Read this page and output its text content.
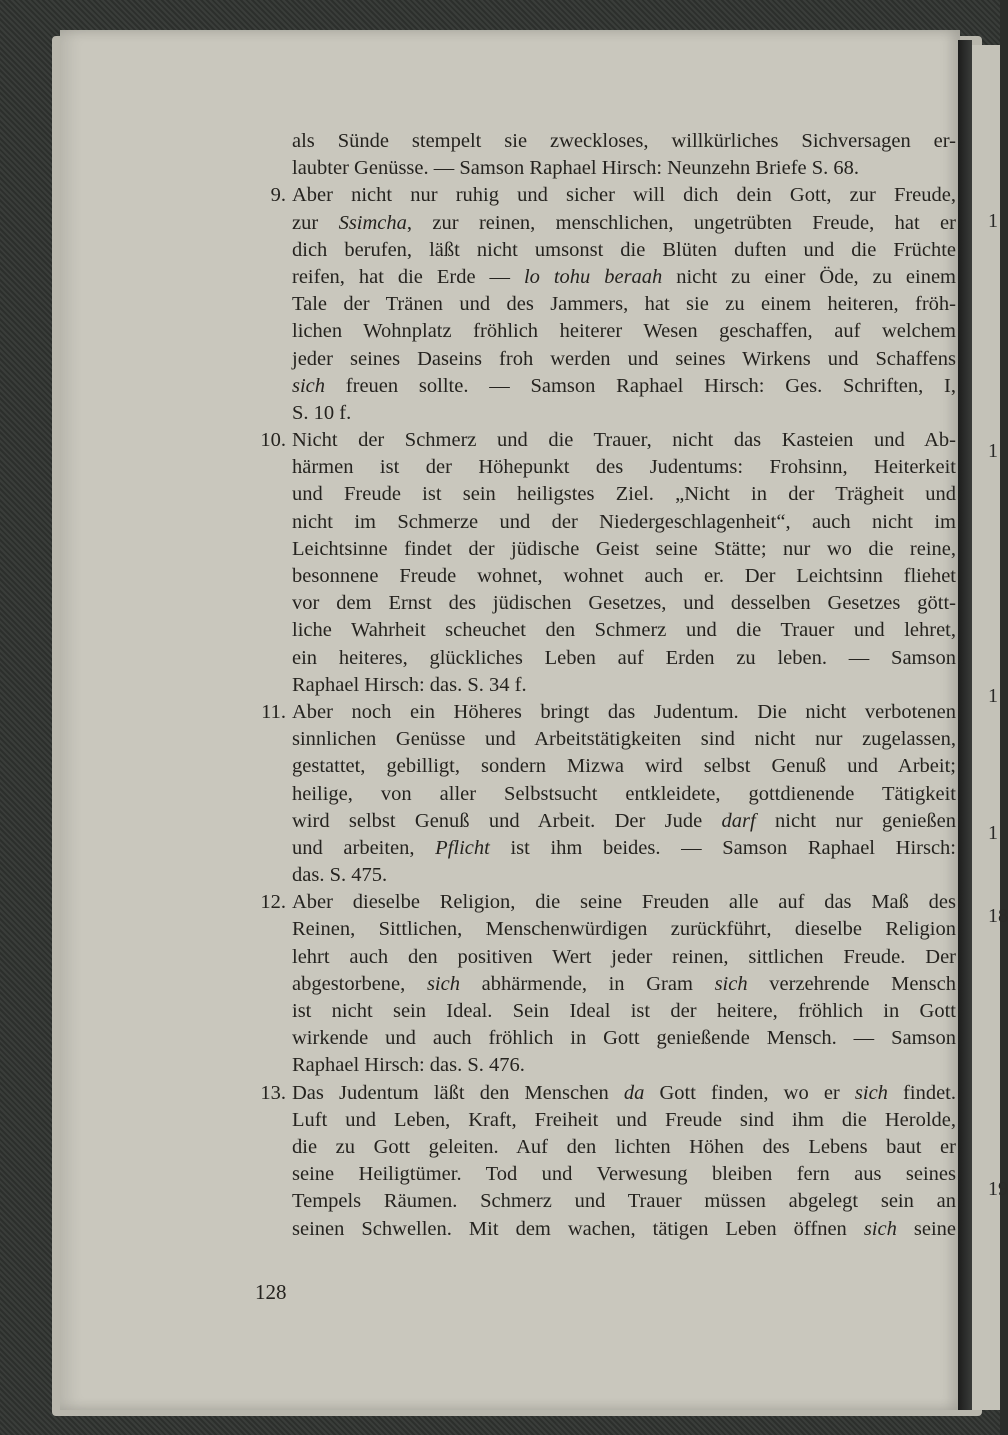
1
1
1
1
18
19
als Sünde stempelt sie zweckloses, willkürliches Sichversagen er-
laubter Genüsse. — Samson Raphael Hirsch: Neunzehn Briefe S. 68.
9. Aber nicht nur ruhig und sicher will dich dein Gott, zur Freude,
zur Ssimcha, zur reinen, menschlichen, ungetrübten Freude, hat er
dich berufen, läßt nicht umsonst die Blüten duften und die Früchte
reifen, hat die Erde — lo tohu beraah nicht zu einer Öde, zu einem
Tale der Tränen und des Jammers, hat sie zu einem heiteren, fröh-
lichen Wohnplatz fröhlich heiterer Wesen geschaffen, auf welchem
jeder seines Daseins froh werden und seines Wirkens und Schaffens
sich freuen sollte. — Samson Raphael Hirsch: Ges. Schriften, I,
S. 10 f.
10. Nicht der Schmerz und die Trauer, nicht das Kasteien und Ab-
härmen ist der Höhepunkt des Judentums: Frohsinn, Heiterkeit
und Freude ist sein heiligstes Ziel. „Nicht in der Trägheit und
nicht im Schmerze und der Niedergeschlagenheit“, auch nicht im
Leichtsinne findet der jüdische Geist seine Stätte; nur wo die reine,
besonnene Freude wohnet, wohnet auch er. Der Leichtsinn fliehet
vor dem Ernst des jüdischen Gesetzes, und desselben Gesetzes gött-
liche Wahrheit scheuchet den Schmerz und die Trauer und lehret,
ein heiteres, glückliches Leben auf Erden zu leben. — Samson
Raphael Hirsch: das. S. 34 f.
11. Aber noch ein Höheres bringt das Judentum. Die nicht verbotenen
sinnlichen Genüsse und Arbeitstätigkeiten sind nicht nur zugelassen,
gestattet, gebilligt, sondern Mizwa wird selbst Genuß und Arbeit;
heilige, von aller Selbstsucht entkleidete, gottdienende Tätigkeit
wird selbst Genuß und Arbeit. Der Jude darf nicht nur genießen
und arbeiten, Pflicht ist ihm beides. — Samson Raphael Hirsch:
das. S. 475.
12. Aber dieselbe Religion, die seine Freuden alle auf das Maß des
Reinen, Sittlichen, Menschenwürdigen zurückführt, dieselbe Religion
lehrt auch den positiven Wert jeder reinen, sittlichen Freude. Der
abgestorbene, sich abhärmende, in Gram sich verzehrende Mensch
ist nicht sein Ideal. Sein Ideal ist der heitere, fröhlich in Gott
wirkende und auch fröhlich in Gott genießende Mensch. — Samson
Raphael Hirsch: das. S. 476.
13. Das Judentum läßt den Menschen da Gott finden, wo er sich findet.
Luft und Leben, Kraft, Freiheit und Freude sind ihm die Herolde,
die zu Gott geleiten. Auf den lichten Höhen des Lebens baut er
seine Heiligtümer. Tod und Verwesung bleiben fern aus seines
Tempels Räumen. Schmerz und Trauer müssen abgelegt sein an
seinen Schwellen. Mit dem wachen, tätigen Leben öffnen sich seine
128
